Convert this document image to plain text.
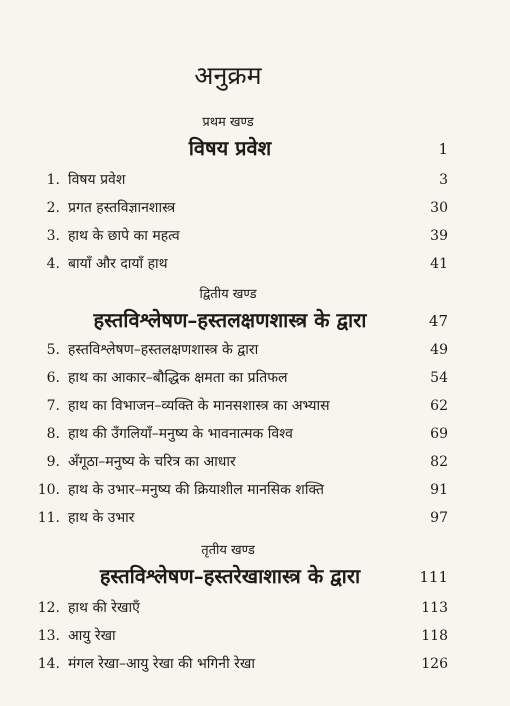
अनुक्रम
प्रथम खण्ड
विषय प्रवेश	1
1. विषय प्रवेश	3
2. प्रगत हस्तविज्ञानशास्त्र	30
3. हाथ के छापे का महत्व	39
4. बायाँ और दायाँ हाथ	41
द्वितीय खण्ड
हस्तविश्लेषण–हस्तलक्षणशास्त्र के द्वारा	47
5. हस्तविश्लेषण–हस्तलक्षणशास्त्र के द्वारा	49
6. हाथ का आकार–बौद्धिक क्षमता का प्रतिफल	54
7. हाथ का विभाजन–व्यक्ति के मानसशास्त्र का अभ्यास	62
8. हाथ की उँगलियाँ–मनुष्य के भावनात्मक विश्व	69
9. अँगूठा–मनुष्य के चरित्र का आधार	82
10. हाथ के उभार–मनुष्य की क्रियाशील मानसिक शक्ति	91
11. हाथ के उभार	97
तृतीय खण्ड
हस्तविश्लेषण–हस्तरेखाशास्त्र के द्वारा	111
12. हाथ की रेखाएँ	113
13. आयु रेखा	118
14. मंगल रेखा–आयु रेखा की भगिनी रेखा	126
